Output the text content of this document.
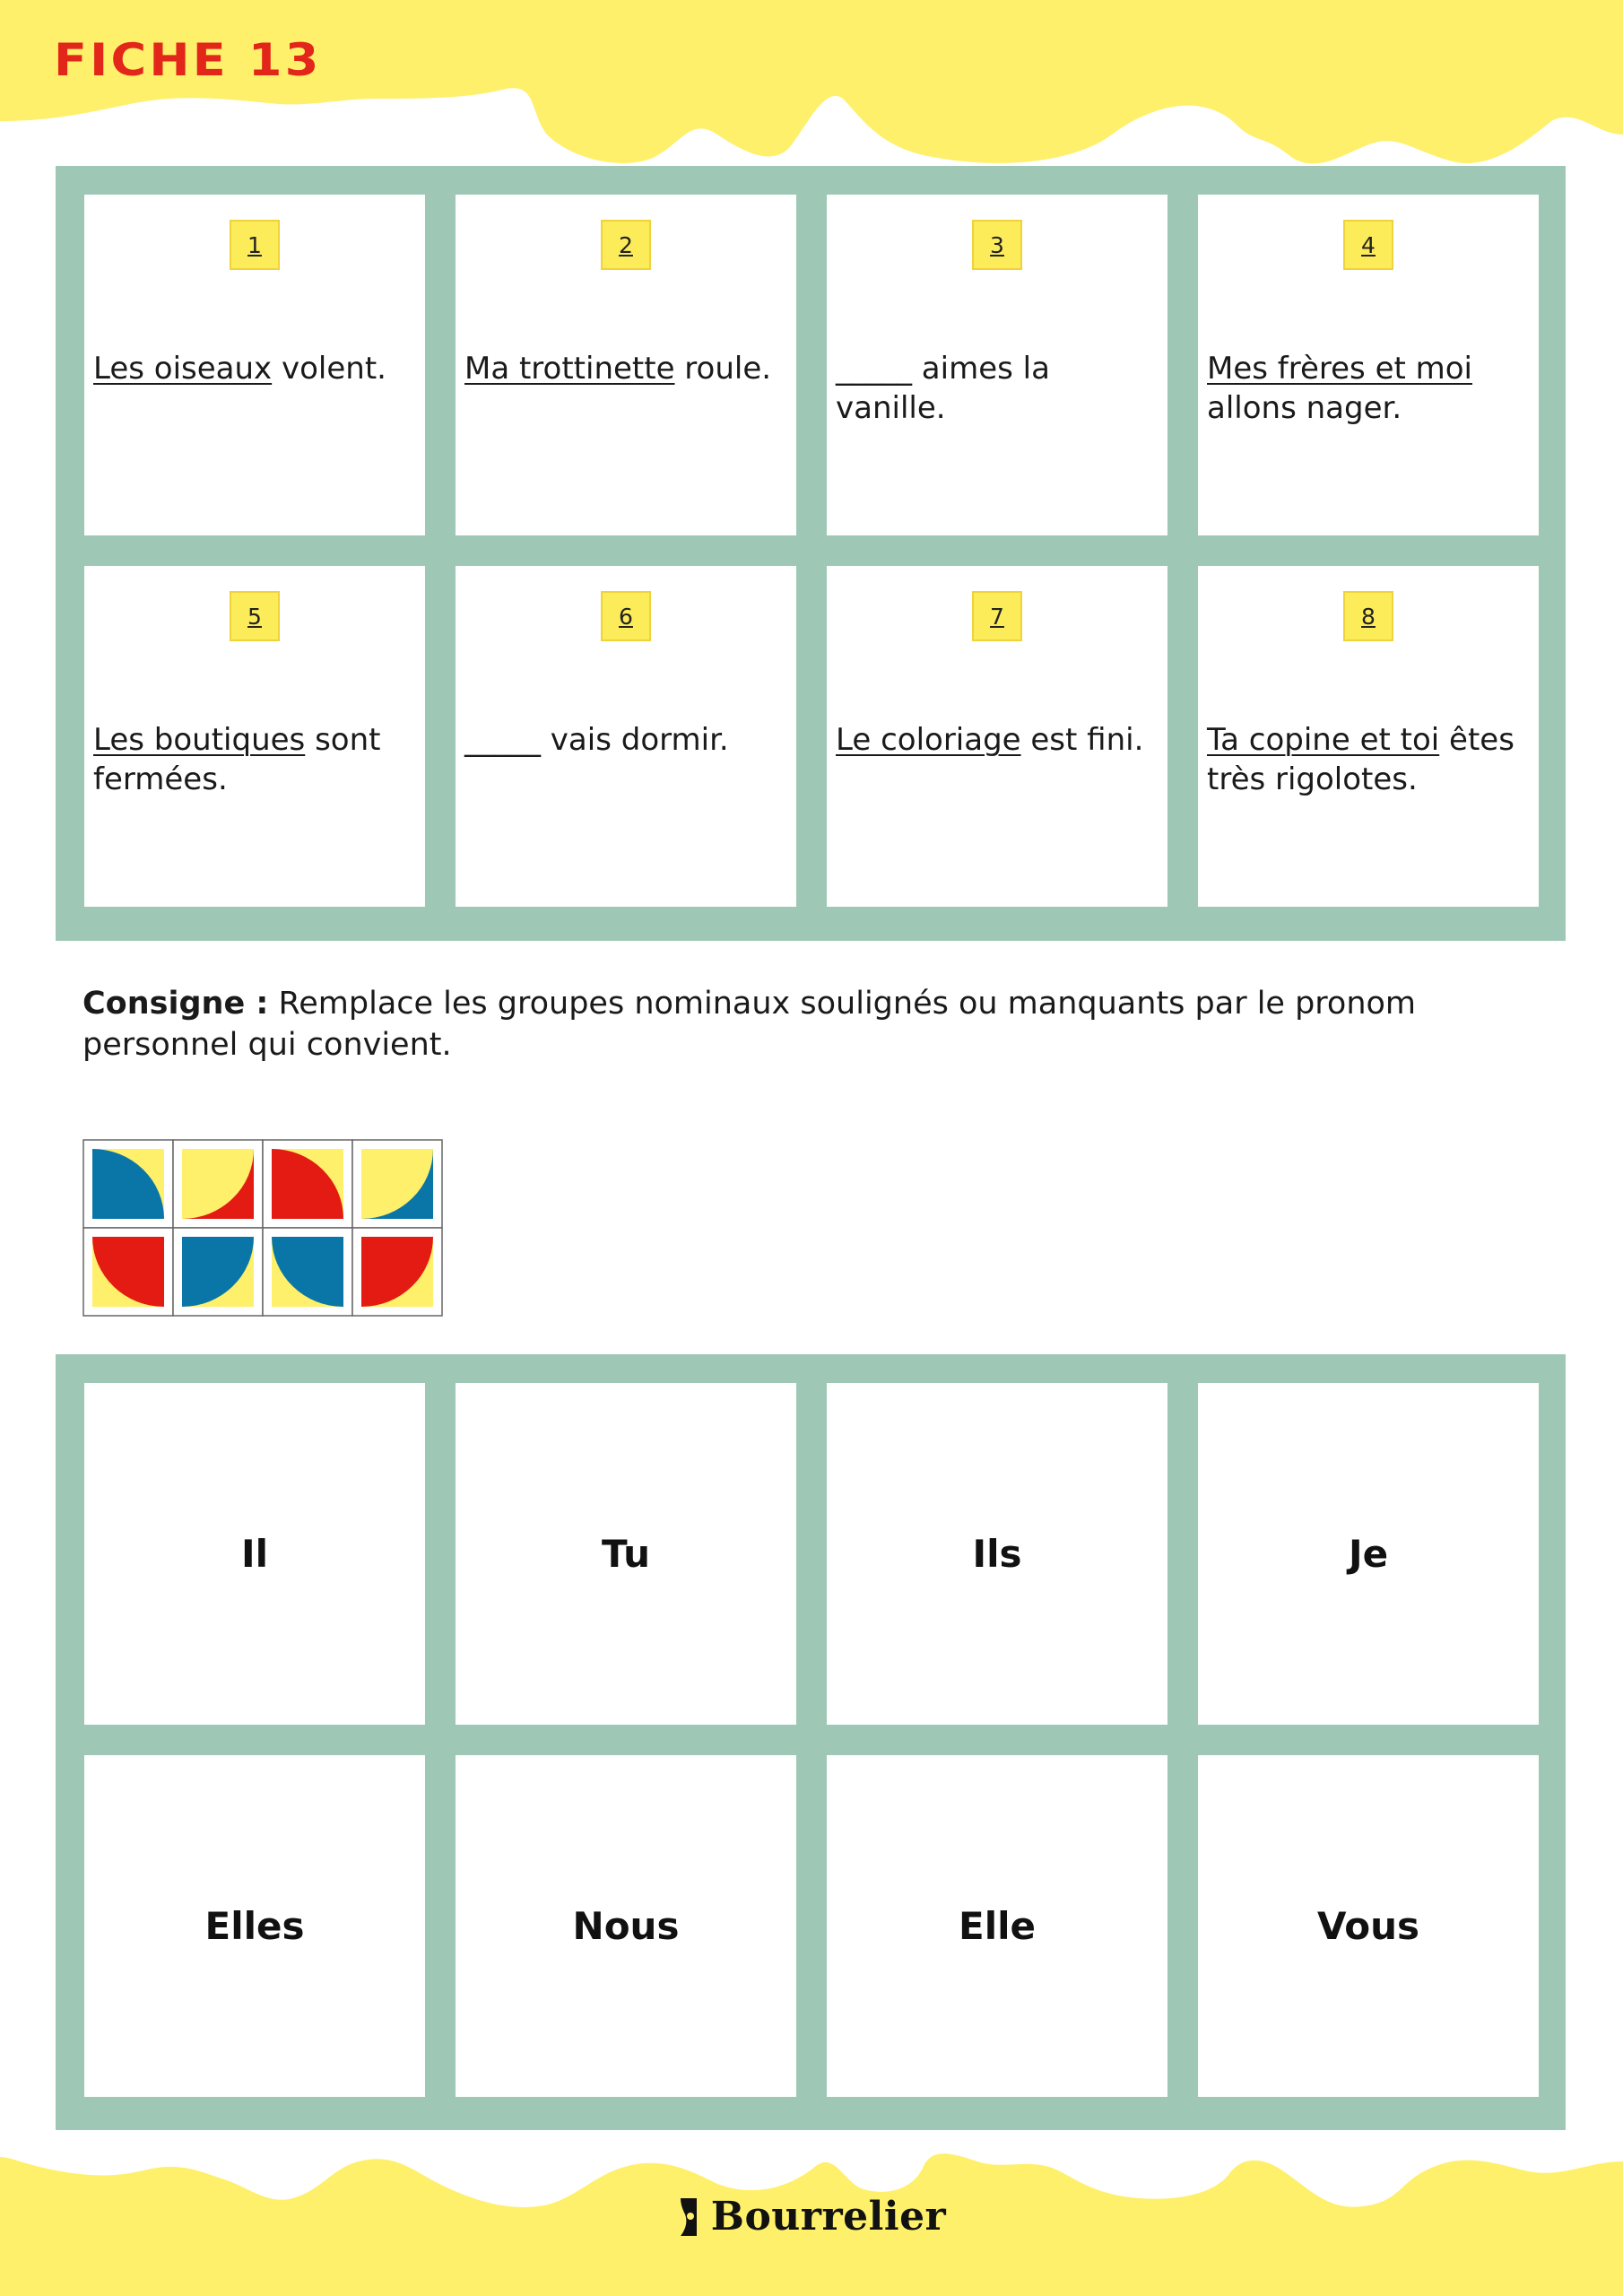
FICHE 13
1

Les oiseaux volent.

2

Ma trottinette roule.

3

_____ aimes la vanille.

4

Mes frères et moi allons nager.

5

Les boutiques sont fermées.

6

_____ vais dormir.

7

Le coloriage est fini.

8

Ta copine et toi êtes très rigolotes.

Consigne : Remplace les groupes nominaux soulignés ou manquants par le pronom personnel qui convient.

Il	Tu	Ils	Je
Elles	Nous	Elle	Vous
Bourrelier
